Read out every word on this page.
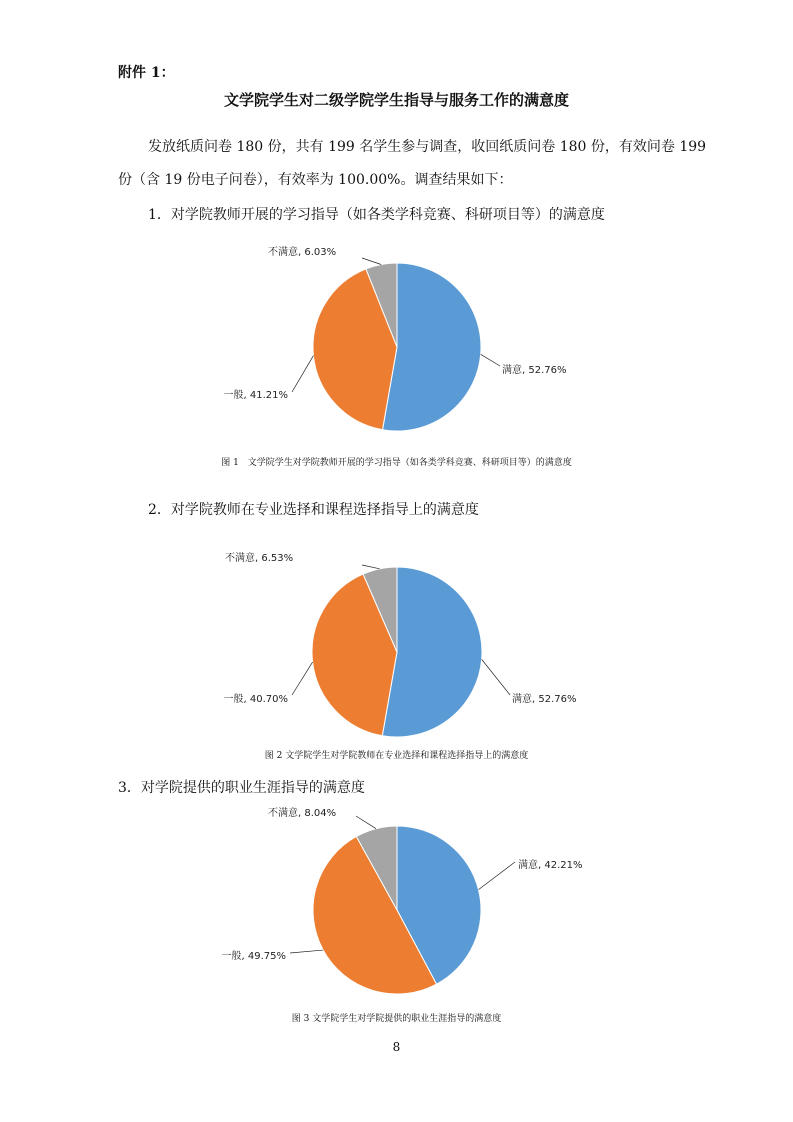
附件 1：

文学院学生对二级学院学生指导与服务工作的满意度

发放纸质问卷 180 份，共有 199 名学生参与调查，收回纸质问卷 180 份，有效问卷 199

份（含 19 份电子问卷），有效率为 100.00%。调查结果如下：

1．对学院教师开展的学习指导（如各类学科竞赛、科研项目等）的满意度

满意, 52.76%
一般, 41.21%
不满意, 6.03%

图 1　文学院学生对学院教师开展的学习指导（如各类学科竞赛、科研项目等）的满意度

2．对学院教师在专业选择和课程选择指导上的满意度

满意, 52.76%
一般, 40.70%
不满意, 6.53%

图 2 文学院学生对学院教师在专业选择和课程选择指导上的满意度

3．对学院提供的职业生涯指导的满意度

满意, 42.21%
一般, 49.75%
不满意, 8.04%

图 3 文学院学生对学院提供的职业生涯指导的满意度

8
